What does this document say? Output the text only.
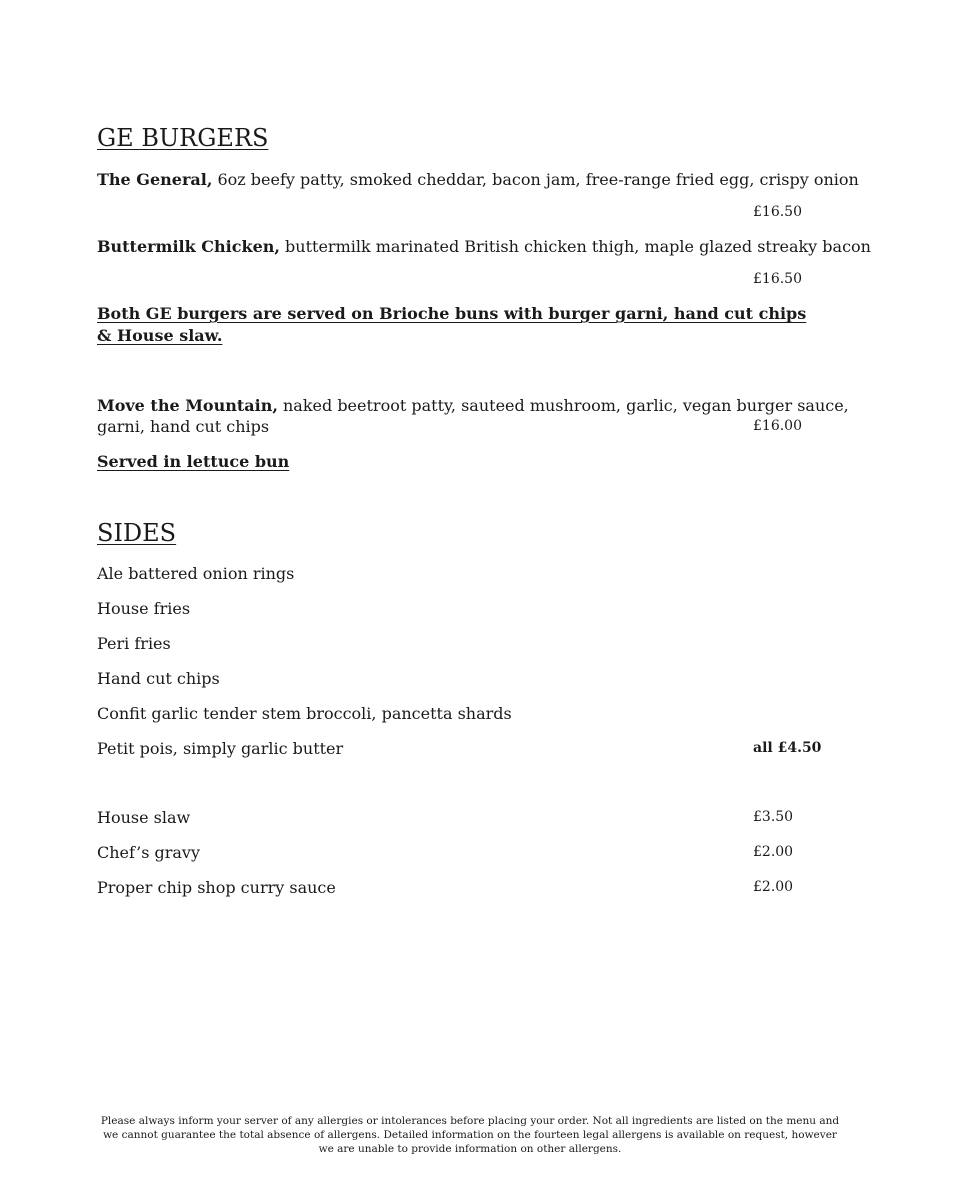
GE BURGERS

The General, 6oz beefy patty, smoked cheddar, bacon jam, free-range fried egg, crispy onion

£16.50

Buttermilk Chicken, buttermilk marinated British chicken thigh, maple glazed streaky bacon

£16.50

Both GE burgers are served on Brioche buns with burger garni, hand cut chips & House slaw.

Move the Mountain, naked beetroot patty, sauteed mushroom, garlic, vegan burger sauce,

garni, hand cut chips	£16.00

Served in lettuce bun

SIDES

Ale battered onion rings

House fries

Peri fries

Hand cut chips

Confit garlic tender stem broccoli, pancetta shards

Petit pois, simply garlic butter	all £4.50

House slaw	£3.50

Chef’s gravy	£2.00

Proper chip shop curry sauce	£2.00

Please always inform your server of any allergies or intolerances before placing your order. Not all ingredients are listed on the menu and we cannot guarantee the total absence of allergens. Detailed information on the fourteen legal allergens is available on request, however we are unable to provide information on other allergens.
